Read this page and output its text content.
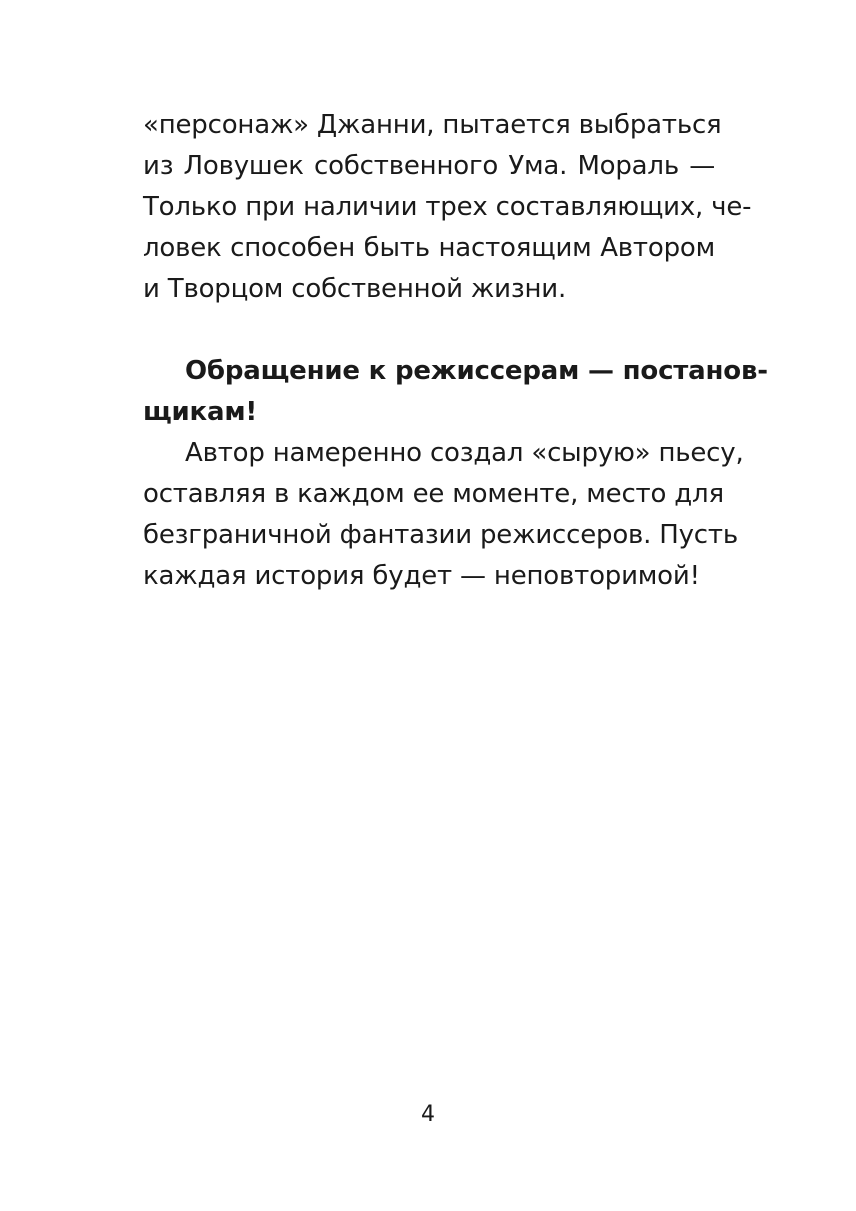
«персонаж» Джанни, пытается выбраться
из Ловушек собственного Ума. Мораль —
Только при наличии трех составляющих, че-
ловек способен быть настоящим Автором
и Творцом собственной жизни.
Обращение к режиссерам — постанов-
щикам!
Автор намеренно создал «сырую» пьесу,
оставляя в каждом ее моменте, место для
безграничной фантазии режиссеров. Пусть
каждая история будет — неповторимой!
4
